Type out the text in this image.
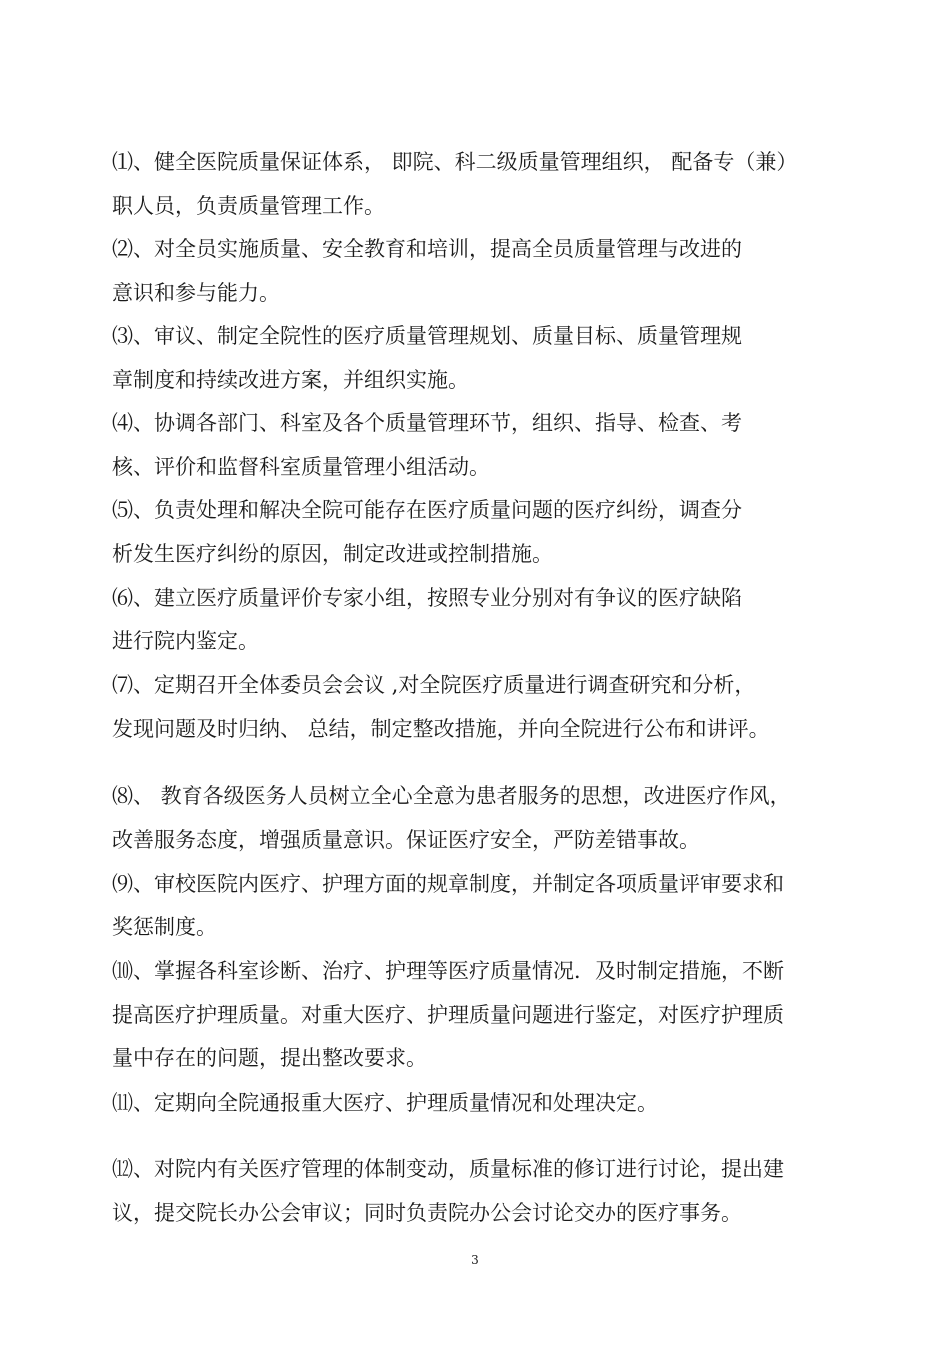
⑴、健全医院质量保证体系， 即院、科二级质量管理组织， 配备专（兼）
职人员，负责质量管理工作。
⑵、对全员实施质量、安全教育和培训，提高全员质量管理与改进的
意识和参与能力。
⑶、审议、制定全院性的医疗质量管理规划、质量目标、质量管理规
章制度和持续改进方案，并组织实施。
⑷、协调各部门、科室及各个质量管理环节，组织、指导、检查、考
核、评价和监督科室质量管理小组活动。
⑸、负责处理和解决全院可能存在医疗质量问题的医疗纠纷，调查分
析发生医疗纠纷的原因，制定改进或控制措施。
⑹、建立医疗质量评价专家小组，按照专业分别对有争议的医疗缺陷
进行院内鉴定。
⑺、定期召开全体委员会会议 ,对全院医疗质量进行调查研究和分析，
发现问题及时归纳、 总结，制定整改措施，并向全院进行公布和讲评。
⑻、 教育各级医务人员树立全心全意为患者服务的思想，改进医疗作风，
改善服务态度，增强质量意识。保证医疗安全，严防差错事故。
⑼、审校医院内医疗、护理方面的规章制度，并制定各项质量评审要求和
奖惩制度。
⑽、掌握各科室诊断、治疗、护理等医疗质量情况．及时制定措施，不断
提高医疗护理质量。对重大医疗、护理质量问题进行鉴定，对医疗护理质
量中存在的问题，提出整改要求。
⑾、定期向全院通报重大医疗、护理质量情况和处理决定。
⑿、对院内有关医疗管理的体制变动，质量标准的修订进行讨论，提出建
议，提交院长办公会审议；同时负责院办公会讨论交办的医疗事务。
3
